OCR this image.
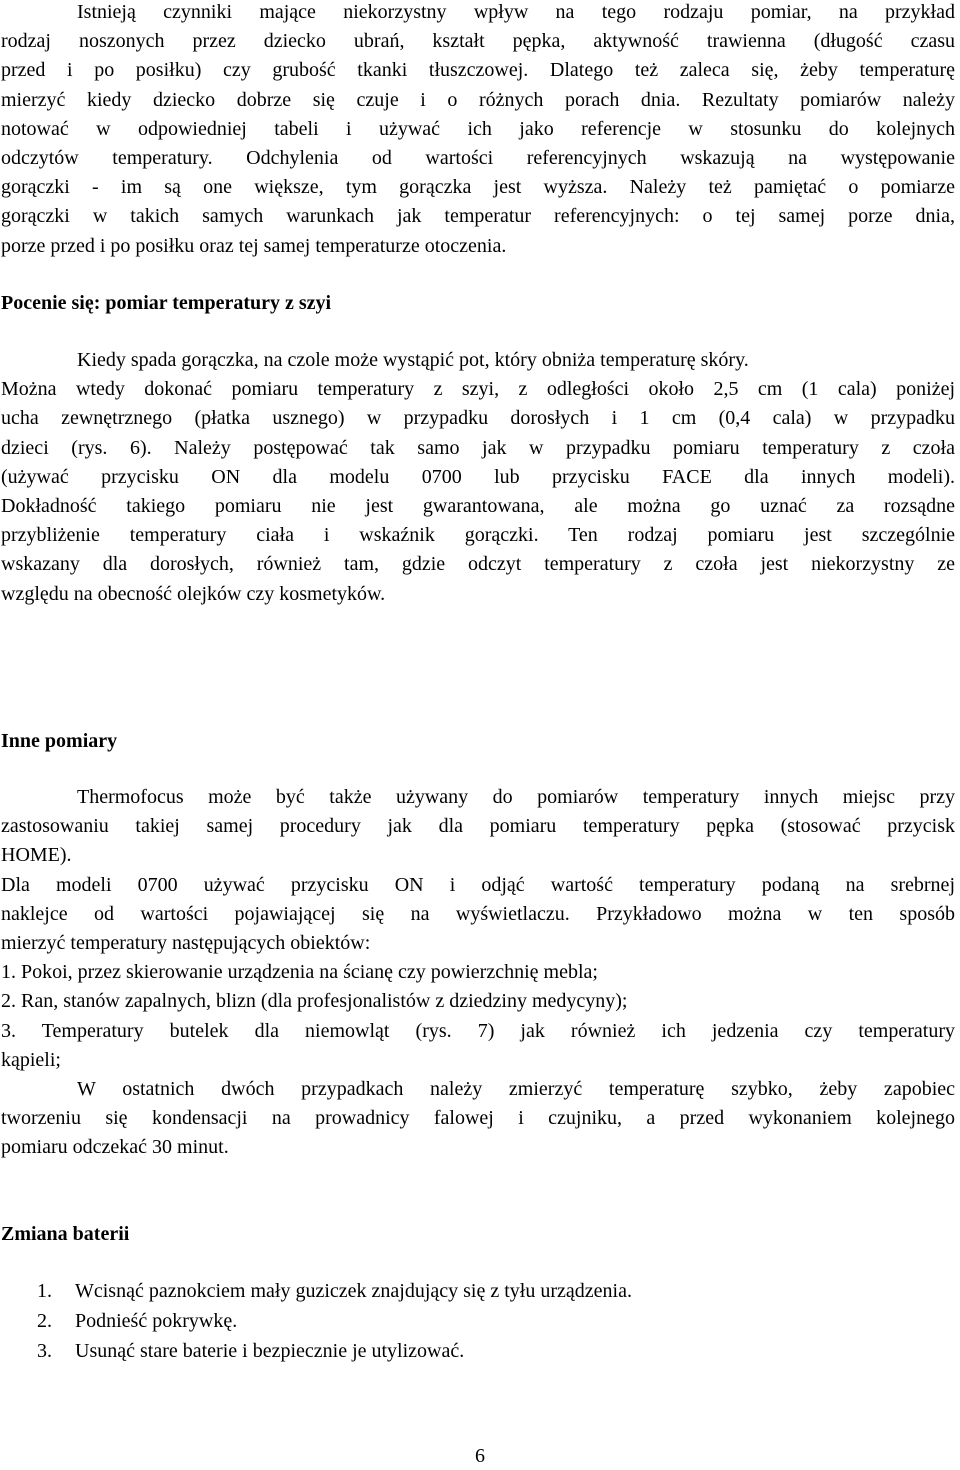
Istnieją czynniki mające niekorzystny wpływ na tego rodzaju pomiar, na przykład
rodzaj noszonych przez dziecko ubrań, kształt pępka, aktywność trawienna (długość czasu
przed i po posiłku) czy grubość tkanki tłuszczowej. Dlatego też zaleca się, żeby temperaturę
mierzyć kiedy dziecko dobrze się czuje i o różnych porach dnia. Rezultaty pomiarów należy
notować w odpowiedniej tabeli i używać ich jako referencje w stosunku do kolejnych
odczytów temperatury. Odchylenia od wartości referencyjnych wskazują na występowanie
gorączki - im są one większe, tym gorączka jest wyższa. Należy też pamiętać o pomiarze
gorączki w takich samych warunkach jak temperatur referencyjnych: o tej samej porze dnia,
porze przed i po posiłku oraz tej samej temperaturze otoczenia.
Pocenie się: pomiar temperatury z szyi
Kiedy spada gorączka, na czole może wystąpić pot, który obniża temperaturę skóry.
Można wtedy dokonać pomiaru temperatury z szyi, z odległości około 2,5 cm (1 cala) poniżej
ucha zewnętrznego (płatka usznego) w przypadku dorosłych i 1 cm (0,4 cala) w przypadku
dzieci (rys. 6). Należy postępować tak samo jak w przypadku pomiaru temperatury z czoła
(używać przycisku ON dla modelu 0700 lub przycisku FACE dla innych modeli).
Dokładność takiego pomiaru nie jest gwarantowana, ale można go uznać za rozsądne
przybliżenie temperatury ciała i wskaźnik gorączki. Ten rodzaj pomiaru jest szczególnie
wskazany dla dorosłych, również tam, gdzie odczyt temperatury z czoła jest niekorzystny ze
względu na obecność olejków czy kosmetyków.
Inne pomiary
Thermofocus może być także używany do pomiarów temperatury innych miejsc przy
zastosowaniu takiej samej procedury jak dla pomiaru temperatury pępka (stosować przycisk
HOME).
Dla modeli 0700 używać przycisku ON i odjąć wartość temperatury podaną na srebrnej
naklejce od wartości pojawiającej się na wyświetlaczu. Przykładowo można w ten sposób
mierzyć temperatury następujących obiektów:
1. Pokoi, przez skierowanie urządzenia na ścianę czy powierzchnię mebla;
2. Ran, stanów zapalnych, blizn (dla profesjonalistów z dziedziny medycyny);
3. Temperatury butelek dla niemowląt (rys. 7) jak również ich jedzenia czy temperatury
kąpieli;
W ostatnich dwóch przypadkach należy zmierzyć temperaturę szybko, żeby zapobiec
tworzeniu się kondensacji na prowadnicy falowej i czujniku, a przed wykonaniem kolejnego
pomiaru odczekać 30 minut.
Zmiana baterii
1. Wcisnąć paznokciem mały guziczek znajdujący się z tyłu urządzenia.
2. Podnieść pokrywkę.
3. Usunąć stare baterie i bezpiecznie je utylizować.
6
